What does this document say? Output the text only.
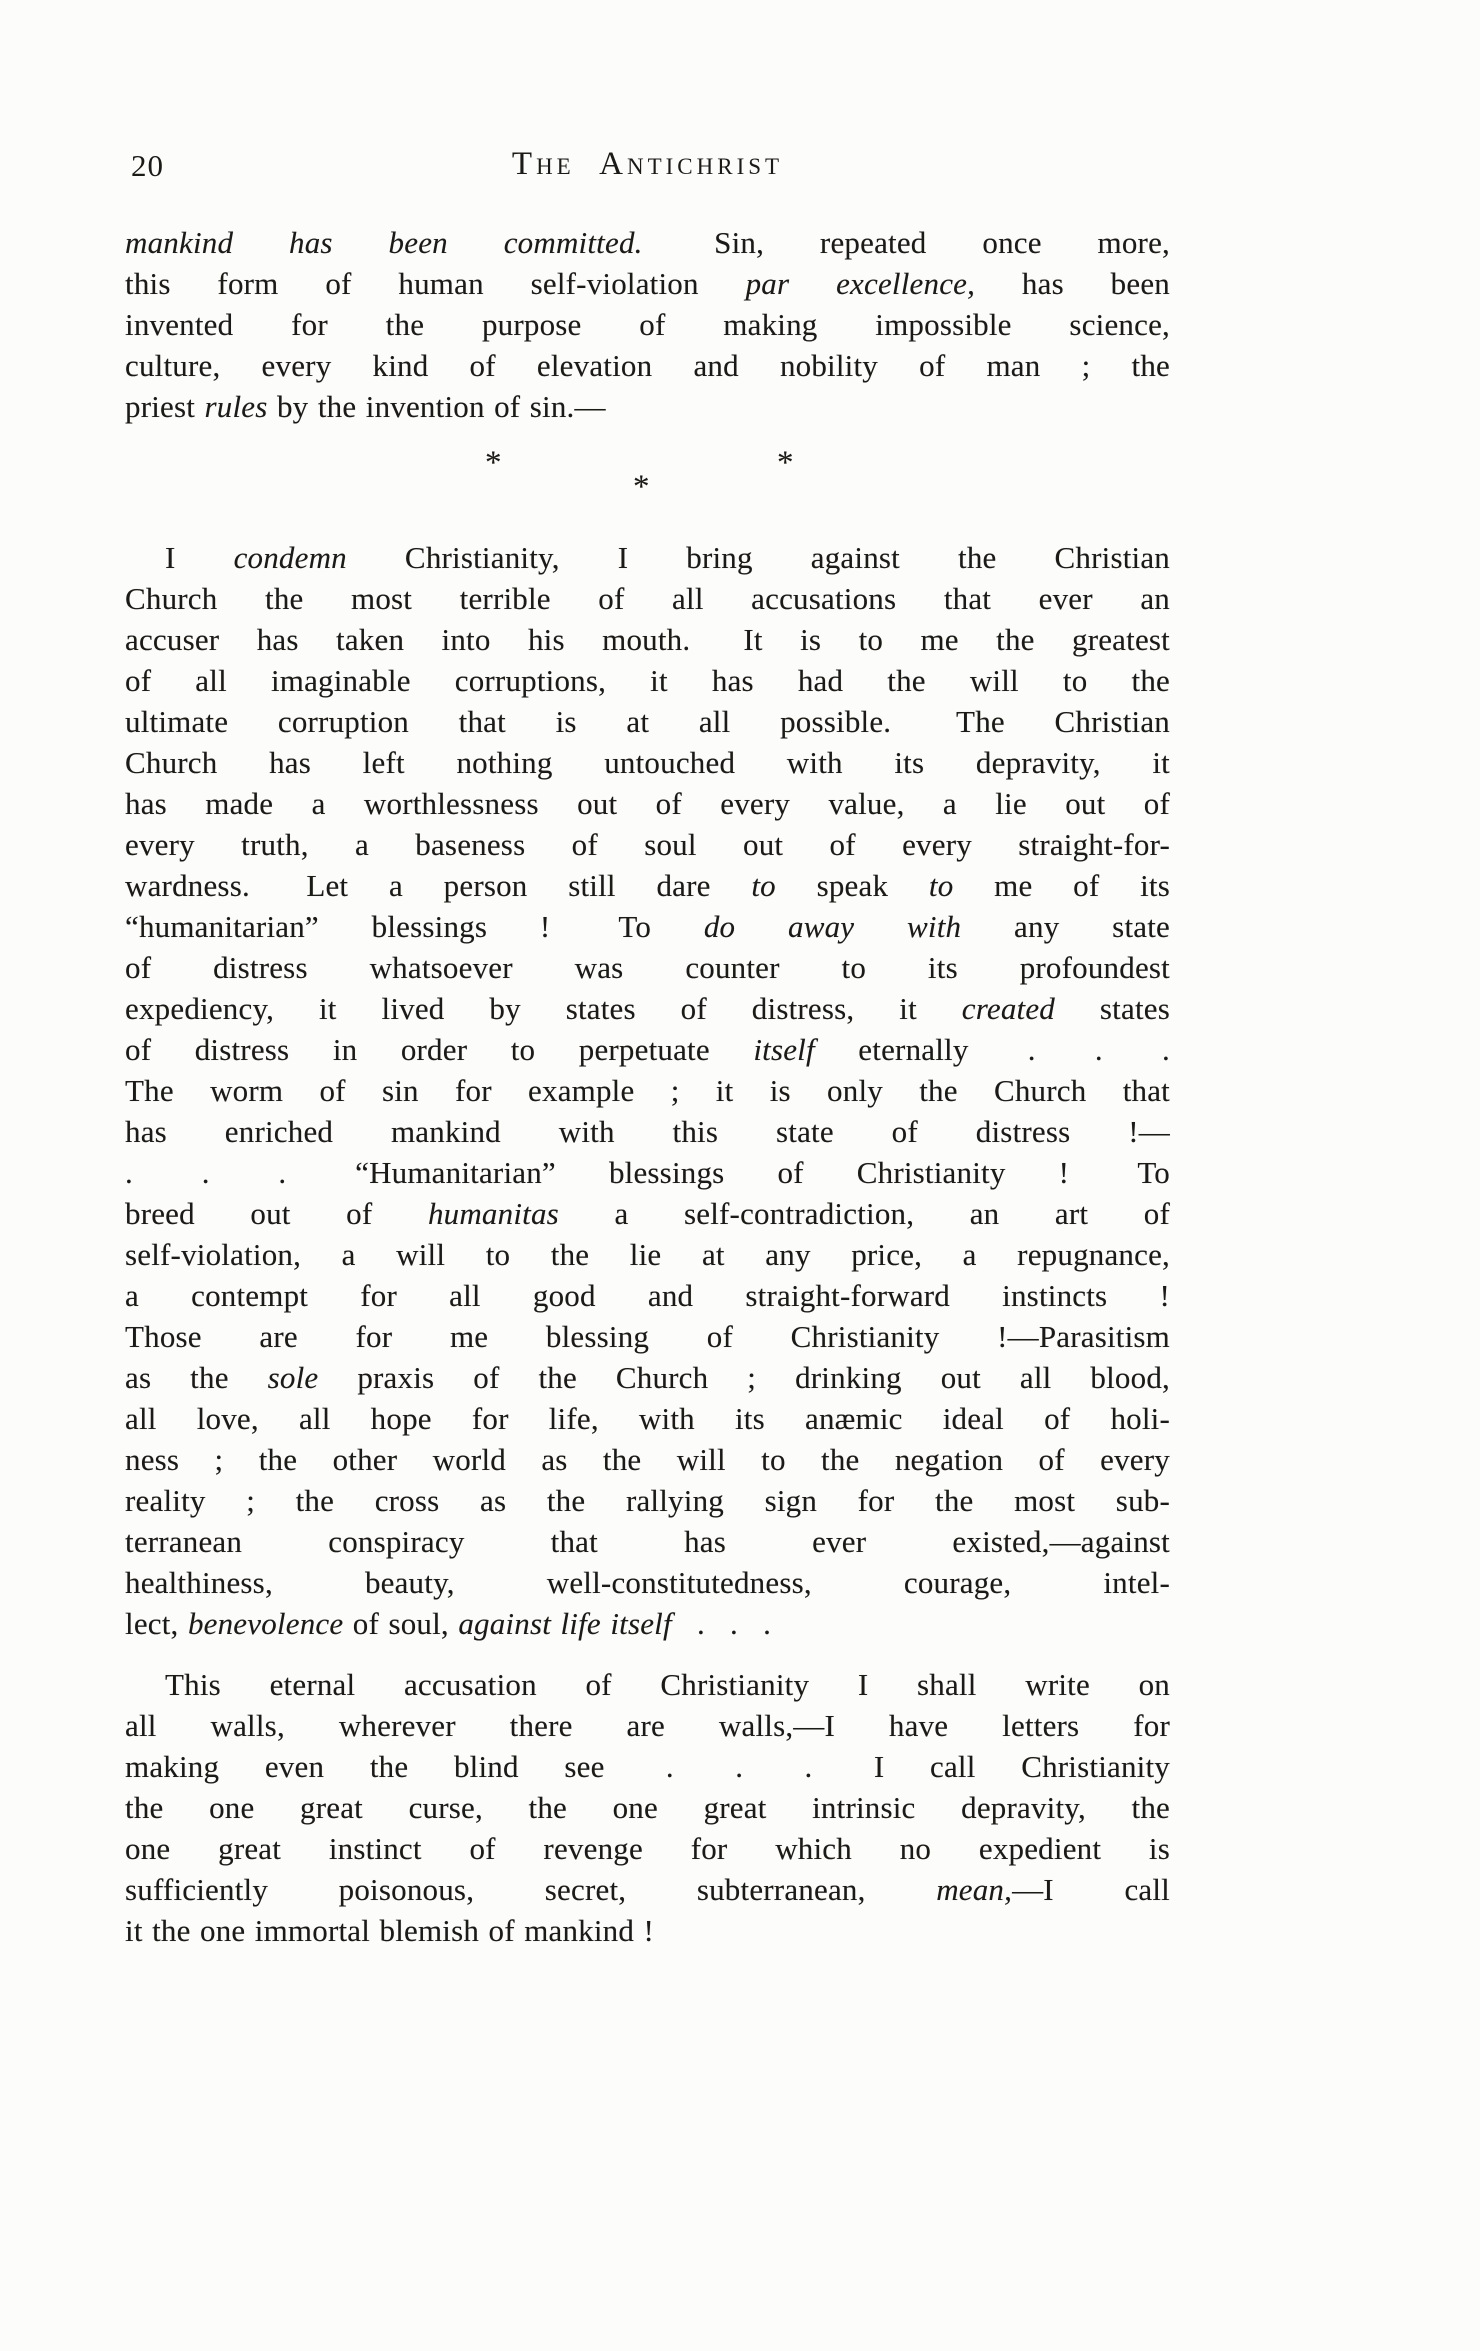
20	The Antichrist

mankind has been committed.  Sin, repeated once more,
this form of human self-violation par excellence, has been
invented for the purpose of making impossible science,
culture, every kind of elevation and nobility of man ; the
priest rules by the invention of sin.—

*
*
*

I condemn Christianity, I bring against the Christian
Church the most terrible of all accusations that ever an
accuser has taken into his mouth.  It is to me the greatest
of all imaginable corruptions, it has had the will to the
ultimate corruption that is at all possible.  The Christian
Church has left nothing untouched with its depravity, it
has made a worthlessness out of every value, a lie out of
every truth, a baseness of soul out of every straight-for-
wardness.  Let a person still dare to speak to me of its
“humanitarian” blessings !  To do away with any state
of distress whatsoever was counter to its profoundest
expediency, it lived by states of distress, it created states
of distress in order to perpetuate itself eternally  .  .  .
The worm of sin for example ; it is only the Church that
has enriched mankind with this state of distress !—
.  .  .  “Humanitarian” blessings of Christianity !  To
breed out of humanitas a self-contradiction, an art of
self-violation, a will to the lie at any price, a repugnance,
a contempt for all good and straight-forward instincts !
Those are for me blessing of Christianity !—Parasitism
as the sole praxis of the Church ; drinking out all blood,
all love, all hope for life, with its anæmic ideal of holi-
ness ; the other world as the will to the negation of every
reality ; the cross as the rallying sign for the most sub-
terranean conspiracy that has ever existed,—against
healthiness, beauty, well-constitutedness, courage, intel-
lect, benevolence of soul, against life itself  .  .  .

This eternal accusation of Christianity I shall write on
all walls, wherever there are walls,—I have letters for
making even the blind see  .  .  .  I call Christianity
the one great curse, the one great intrinsic depravity, the
one great instinct of revenge for which no expedient is
sufficiently poisonous, secret, subterranean, mean,—I call
it the one immortal blemish of mankind !
